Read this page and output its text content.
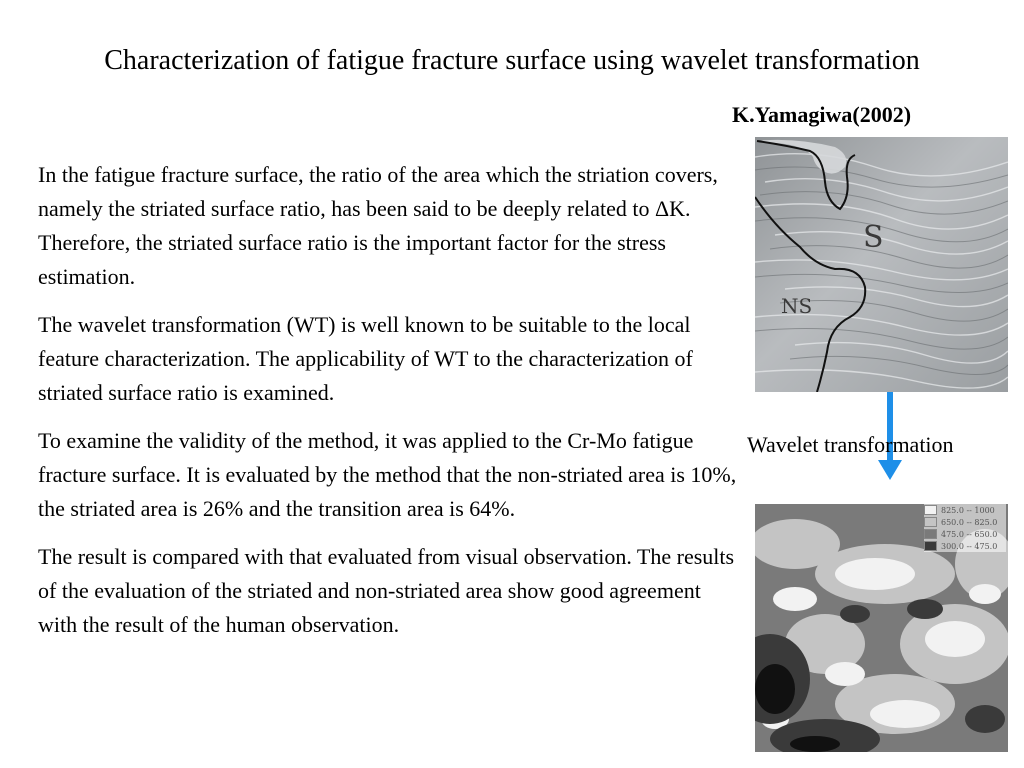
Characterization of fatigue fracture surface using wavelet transformation
K.Yamagiwa(2002)

In the fatigue fracture surface, the ratio of the area which the striation covers, namely the striated surface ratio, has been said to be deeply related to ΔK. Therefore, the striated surface ratio is the important factor for the stress estimation.

The wavelet transformation (WT) is well known to be suitable to the local feature characterization. The applicability of WT to the characterization of striated surface ratio is examined.

To examine the validity of the method, it was applied to the Cr-Mo fatigue fracture surface. It is evaluated by the method that the non-striated area is 10%, the striated area is 26% and the transition area is 64%.

The result is compared with that evaluated from visual observation. The results of the evaluation of the striated and non-striated area show good agreement with the result of the human observation.

S
NS
Wavelet transformation
825.0 -- 1000
650.0 -- 825.0
475.0 -- 650.0
300.0 -- 475.0
